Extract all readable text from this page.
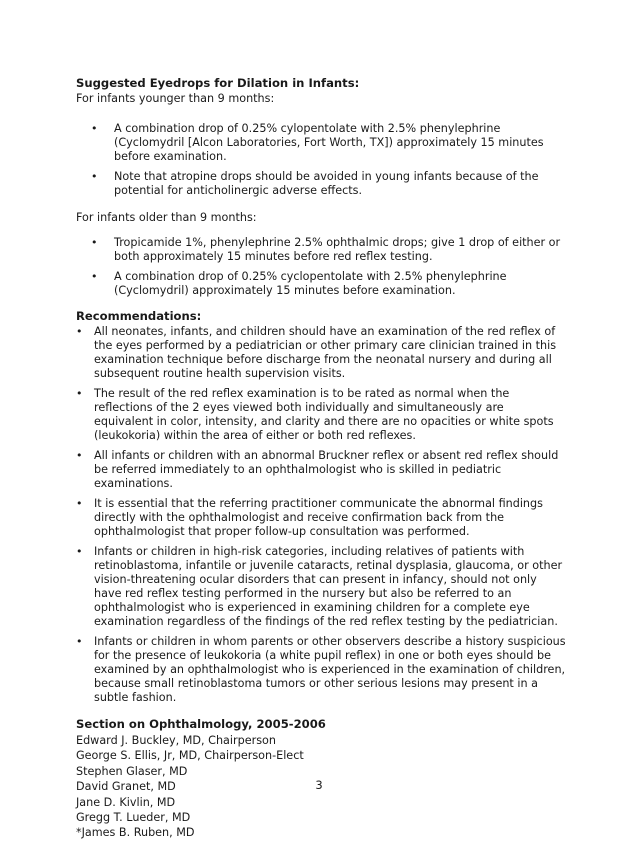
Suggested Eyedrops for Dilation in Infants:

For infants younger than 9 months:

• A combination drop of 0.25% cylopentolate with 2.5% phenylephrine (Cyclomydril [Alcon Laboratories, Fort Worth, TX]) approximately 15 minutes before examination.
• Note that atropine drops should be avoided in young infants because of the potential for anticholinergic adverse effects.

For infants older than 9 months:

• Tropicamide 1%, phenylephrine 2.5% ophthalmic drops; give 1 drop of either or both approximately 15 minutes before red reflex testing.
• A combination drop of 0.25% cyclopentolate with 2.5% phenylephrine (Cyclomydril) approximately 15 minutes before examination.

Recommendations:

• All neonates, infants, and children should have an examination of the red reflex of the eyes performed by a pediatrician or other primary care clinician trained in this examination technique before discharge from the neonatal nursery and during all subsequent routine health supervision visits.
• The result of the red reflex examination is to be rated as normal when the reflections of the 2 eyes viewed both individually and simultaneously are equivalent in color, intensity, and clarity and there are no opacities or white spots (leukokoria) within the area of either or both red reflexes.
• All infants or children with an abnormal Bruckner reflex or absent red reflex should be referred immediately to an ophthalmologist who is skilled in pediatric examinations.
• It is essential that the referring practitioner communicate the abnormal findings directly with the ophthalmologist and receive confirmation back from the ophthalmologist that proper follow-up consultation was performed.
• Infants or children in high-risk categories, including relatives of patients with retinoblastoma, infantile or juvenile cataracts, retinal dysplasia, glaucoma, or other vision-threatening ocular disorders that can present in infancy, should not only have red reflex testing performed in the nursery but also be referred to an ophthalmologist who is experienced in examining children for a complete eye examination regardless of the findings of the red reflex testing by the pediatrician.
• Infants or children in whom parents or other observers describe a history suspicious for the presence of leukokoria (a white pupil reflex) in one or both eyes should be examined by an ophthalmologist who is experienced in the examination of children, because small retinoblastoma tumors or other serious lesions may present in a subtle fashion.

Section on Ophthalmology, 2005-2006

Edward J. Buckley, MD, Chairperson

George S. Ellis, Jr, MD, Chairperson-Elect

Stephen Glaser, MD

David Granet, MD

Jane D. Kivlin, MD

Gregg T. Lueder, MD

*James B. Ruben, MD

3
